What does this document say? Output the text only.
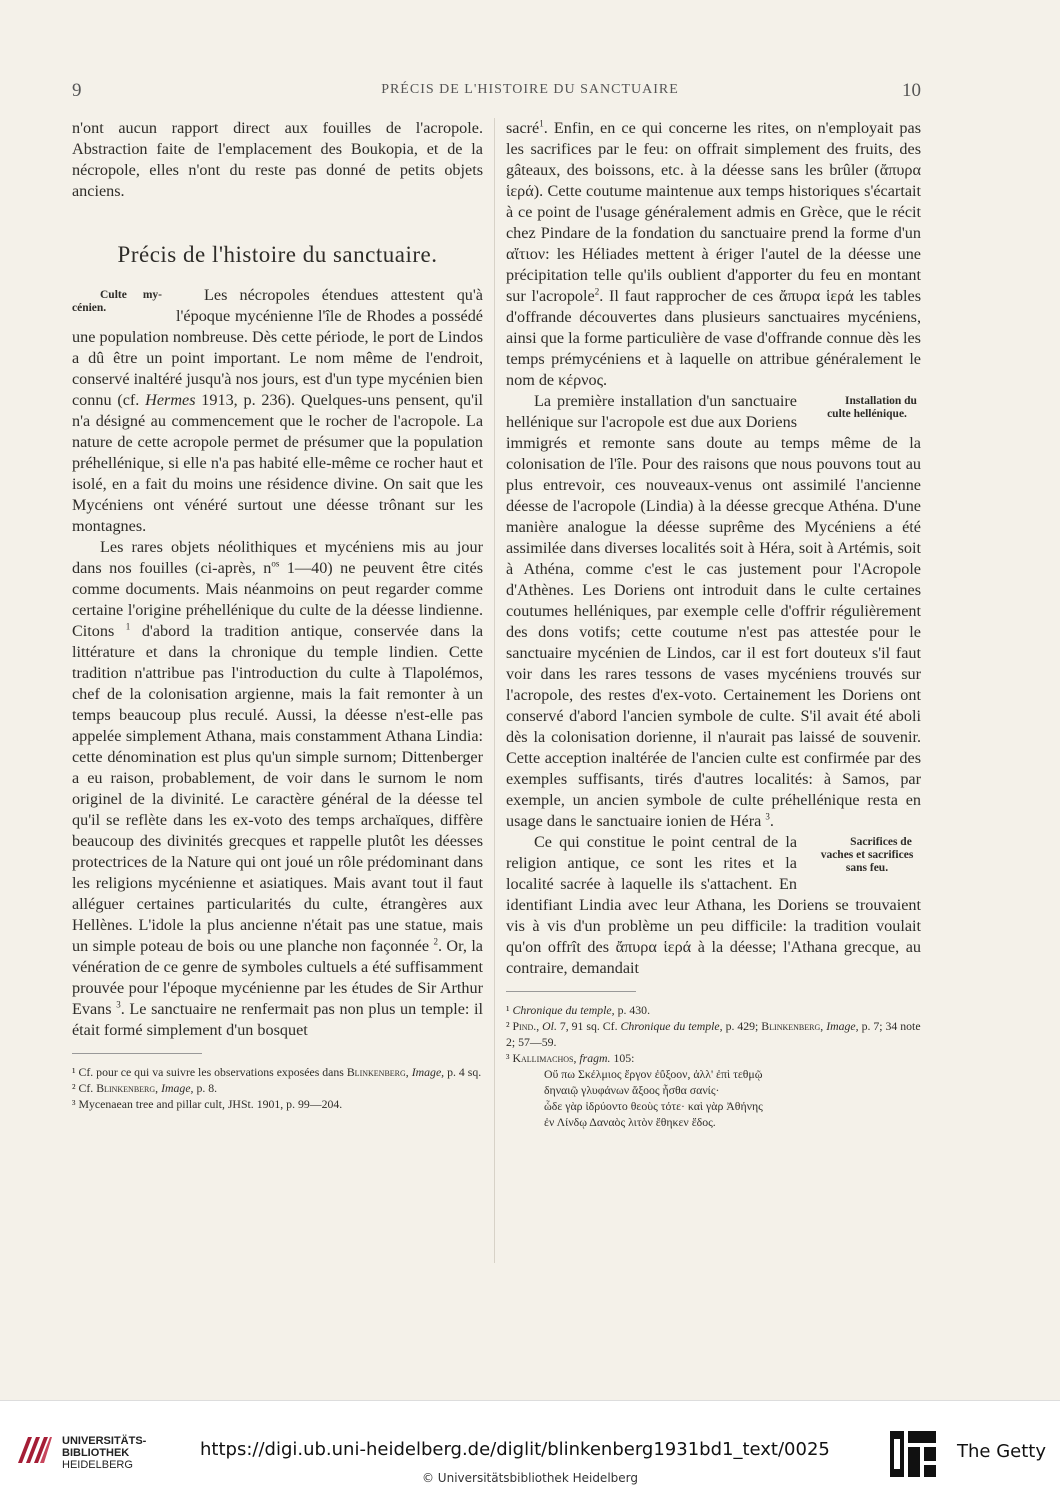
9	PRÉCIS DE L'HISTOIRE DU SANCTUAIRE	10

n'ont aucun rapport direct aux fouilles de l'acropole. Abstraction faite de l'emplacement des Boukopia, et de la nécropole, elles n'ont du reste pas donné de petits objets anciens.

Précis de l'histoire du sanctuaire.

Culte my-cénien.
Les nécropoles étendues attestent qu'à l'époque mycénienne l'île de Rhodes a possédé une population nombreuse. Dès cette période, le port de Lindos a dû être un point important. Le nom même de l'endroit, conservé inaltéré jusqu'à nos jours, est d'un type mycénien bien connu (cf. Hermes 1913, p. 236). Quelques-uns pensent, qu'il n'a désigné au commencement que le rocher de l'acropole. La nature de cette acropole permet de présumer que la population préhellénique, si elle n'a pas habité elle-même ce rocher haut et isolé, en a fait du moins une résidence divine. On sait que les Mycéniens ont vénéré surtout une déesse trônant sur les montagnes.

Les rares objets néolithiques et mycéniens mis au jour dans nos fouilles (ci-après, $n^{os}$ 1—40) ne peuvent être cités comme documents. Mais néanmoins on peut regarder comme certaine l'origine préhellénique du culte de la déesse lindienne. Citons $^1$ d'abord la tradition antique, conservée dans la littérature et dans la chronique du temple lindien. Cette tradition n'attribue pas l'introduction du culte à Tlapolémos, chef de la colonisation argienne, mais la fait remonter à un temps beaucoup plus reculé. Aussi, la déesse n'est-elle pas appelée simplement Athana, mais constamment Athana Lindia: cette dénomination est plus qu'un simple surnom; Dittenberger a eu raison, probablement, de voir dans le surnom le nom originel de la divinité. Le caractère général de la déesse tel qu'il se reflète dans les ex-voto des temps archaïques, diffère beaucoup des divinités grecques et rappelle plutôt les déesses protectrices de la Nature qui ont joué un rôle prédominant dans les religions mycénienne et asiatiques. Mais avant tout il faut alléguer certaines particularités du culte, étrangères aux Hellènes. L'idole la plus ancienne n'était pas une statue, mais un simple poteau de bois ou une planche non façonnée $^2$. Or, la vénération de ce genre de symboles cultuels a été suffisamment prouvée pour l'époque mycénienne par les études de Sir Arthur Evans $^3$. Le sanctuaire ne renfermait pas non plus un temple: il était formé simplement d'un bosquet

¹ Cf. pour ce qui va suivre les observations exposées dans Blinkenberg, Image, p. 4 sq.
² Cf. Blinkenberg, Image, p. 8.
³ Mycenaean tree and pillar cult, JHSt. 1901, p. 99—204.

sacré$^1$. Enfin, en ce qui concerne les rites, on n'employait pas les sacrifices par le feu: on offrait simplement des fruits, des gâteaux, des boissons, etc. à la déesse sans les brûler (ἄπυρα ἱερά). Cette coutume maintenue aux temps historiques s'écartait à ce point de l'usage généralement admis en Grèce, que le récit chez Pindare de la fondation du sanctuaire prend la forme d'un αἴτιον: les Héliades mettent à ériger l'autel de la déesse une précipitation telle qu'ils oublient d'apporter du feu en montant sur l'acropole$^2$. Il faut rapprocher de ces ἄπυρα ἱερά les tables d'offrande découvertes dans plusieurs sanctuaires mycéniens, ainsi que la forme particulière de vase d'offrande connue dès les temps prémycéniens et à laquelle on attribue généralement le nom de κέρνος.

Installation du culte hellénique.
La première installation d'un sanctuaire hellénique sur l'acropole est due aux Doriens immigrés et remonte sans doute au temps même de la colonisation de l'île. Pour des raisons que nous pouvons tout au plus entrevoir, ces nouveaux-venus ont assimilé l'ancienne déesse de l'acropole (Lindia) à la déesse grecque Athéna. D'une manière analogue la déesse suprême des Mycéniens a été assimilée dans diverses localités soit à Héra, soit à Artémis, soit à Athéna, comme c'est le cas justement pour l'Acropole d'Athènes. Les Doriens ont introduit dans le culte certaines coutumes helléniques, par exemple celle d'offrir régulièrement des dons votifs; cette coutume n'est pas attestée pour le sanctuaire mycénien de Lindos, car il est fort douteux s'il faut voir dans les rares tessons de vases mycéniens trouvés sur l'acropole, des restes d'ex-voto. Certainement les Doriens ont conservé d'abord l'ancien symbole de culte. S'il avait été aboli dès la colonisation dorienne, il n'aurait pas laissé de souvenir. Cette acception inaltérée de l'ancien culte est confirmée par des exemples suffisants, tirés d'autres localités: à Samos, par exemple, un ancien symbole de culte préhellénique resta en usage dans le sanctuaire ionien de Héra $^3$.

Sacrifices de vaches et sacrifices sans feu.
Ce qui constitue le point central de la religion antique, ce sont les rites et la localité sacrée à laquelle ils s'attachent. En identifiant Lindia avec leur Athana, les Doriens se trouvaient vis à vis d'un problème un peu difficile: la tradition voulait qu'on offrît des ἄπυρα ἱερά à la déesse; l'Athana grecque, au contraire, demandait

¹ Chronique du temple, p. 430.
² Pind., Ol. 7, 91 sq. Cf. Chronique du temple, p. 429; Blinkenberg, Image, p. 7; 34 note 2; 57—59.
³ Kallimachos, fragm. 105:
Οὔ πω Σκέλμιος ἔργον ἐΰξοον, ἀλλ' ἐπὶ τεθμῷ
δηναιῷ γλυφάνων ἄξοος ἦσθα σανίς·
ὧδε γὰρ ἱδρύοντο θεοὺς τότε· καὶ γὰρ Ἀθήνης
ἐν Λίνδῳ Δαναὸς λιτὸν ἔθηκεν ἕδος.
UNIVERSITÄTS-
BIBLIOTHEK
HEIDELBERG
https://digi.ub.uni-heidelberg.de/diglit/blinkenberg1931bd1_text/0025
© Universitätsbibliothek Heidelberg
The Getty
